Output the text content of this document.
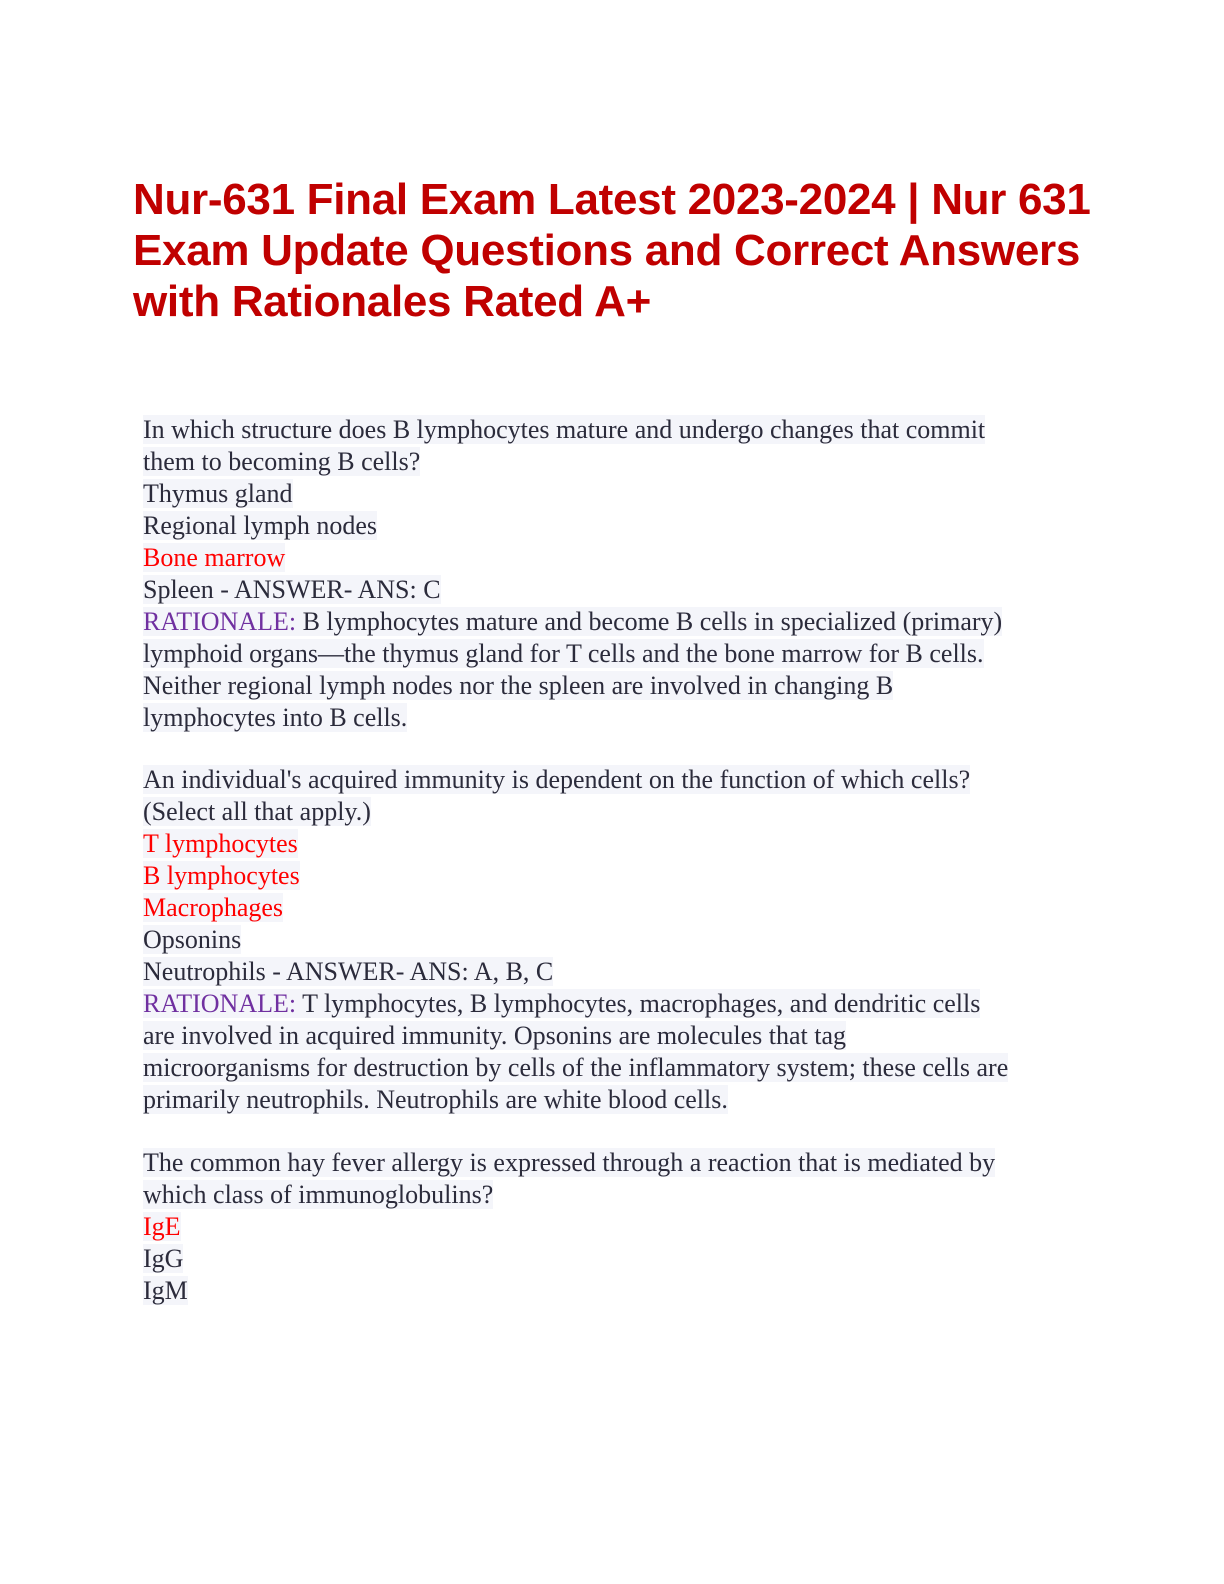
Nur-631 Final Exam Latest 2023-2024 | Nur 631 Exam Update Questions and Correct Answers with Rationales Rated A+
In which structure does B lymphocytes mature and undergo changes that commit
them to becoming B cells?
Thymus gland
Regional lymph nodes
Bone marrow
Spleen - ANSWER- ANS: C
RATIONALE: B lymphocytes mature and become B cells in specialized (primary)
lymphoid organs—the thymus gland for T cells and the bone marrow for B cells.
Neither regional lymph nodes nor the spleen are involved in changing B
lymphocytes into B cells.
An individual's acquired immunity is dependent on the function of which cells?
(Select all that apply.)
T lymphocytes
B lymphocytes
Macrophages
Opsonins
Neutrophils - ANSWER- ANS: A, B, C
RATIONALE: T lymphocytes, B lymphocytes, macrophages, and dendritic cells
are involved in acquired immunity. Opsonins are molecules that tag
microorganisms for destruction by cells of the inflammatory system; these cells are
primarily neutrophils. Neutrophils are white blood cells.
The common hay fever allergy is expressed through a reaction that is mediated by
which class of immunoglobulins?
IgE
IgG
IgM
